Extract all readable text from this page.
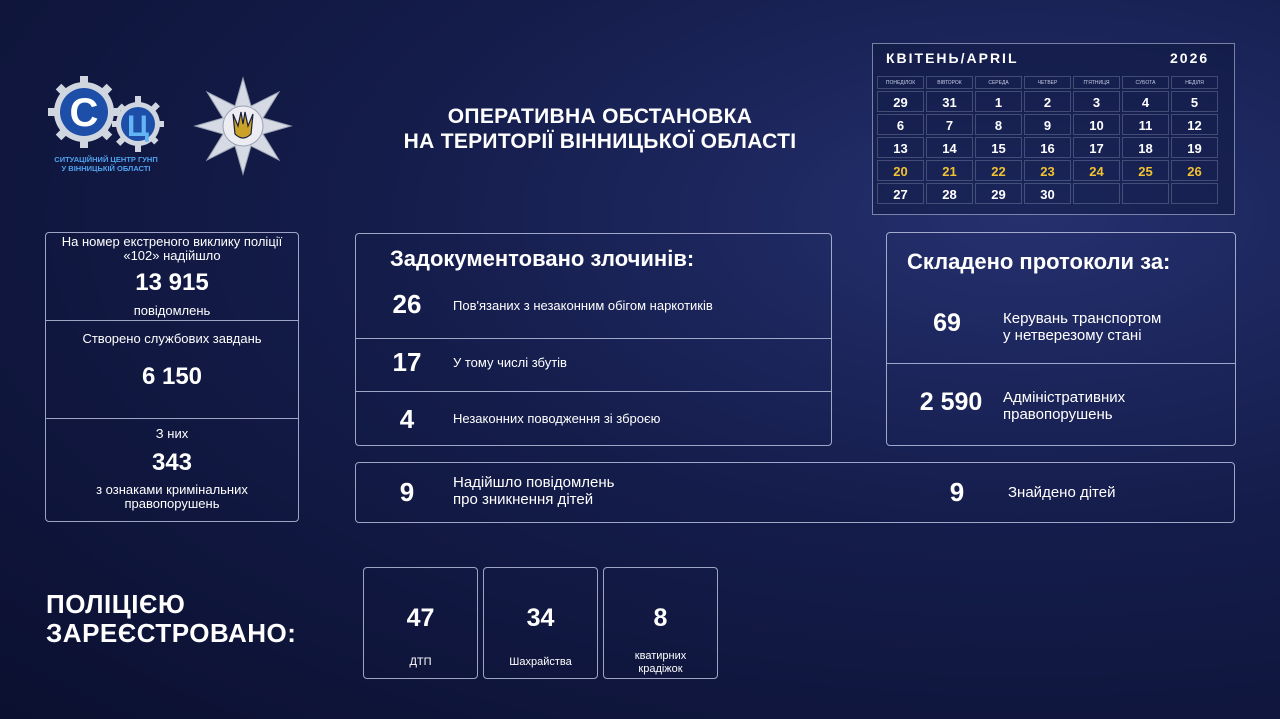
С Ц
СИТУАЦІЙНИЙ ЦЕНТР ГУНП
У ВІННИЦЬКІЙ ОБЛАСТІ
ОПЕРАТИВНА ОБСТАНОВКА
НА ТЕРИТОРІЇ ВІННИЦЬКОЇ ОБЛАСТІ
КВІТЕНЬ/APRIL	2026
ПОНЕДІЛОК	ВІВТОРОК	СЕРЕДА	ЧЕТВЕР	ПʼЯТНИЦЯ	СУБОТА	НЕДІЛЯ
29	31	1	2	3	4	5
6	7	8	9	10	11	12
13	14	15	16	17	18	19
20	21	22	23	24	25	26
27	28	29	30
На номер екстреного виклику поліції «102» надійшло
13 915
повідомлень
Створено службових завдань
6 150
З них
343
з ознаками кримінальних правопорушень
Задокументовано злочинів:
26	Пов'язаних з незаконним обігом наркотиків
17	У тому числі збутів
4	Незаконних поводження зі зброєю
Складено протоколи за:
69	Керувань транспортом
у нетверезому стані
2 590	Адміністративних
правопорушень
9	Надійшло повідомлень
про зникнення дітей	9	Знайдено дітей
ПОЛІЦІЄЮ
ЗАРЕЄСТРОВАНО:	47
ДТП
34
Шахрайства
8
кватирних крадіжок
